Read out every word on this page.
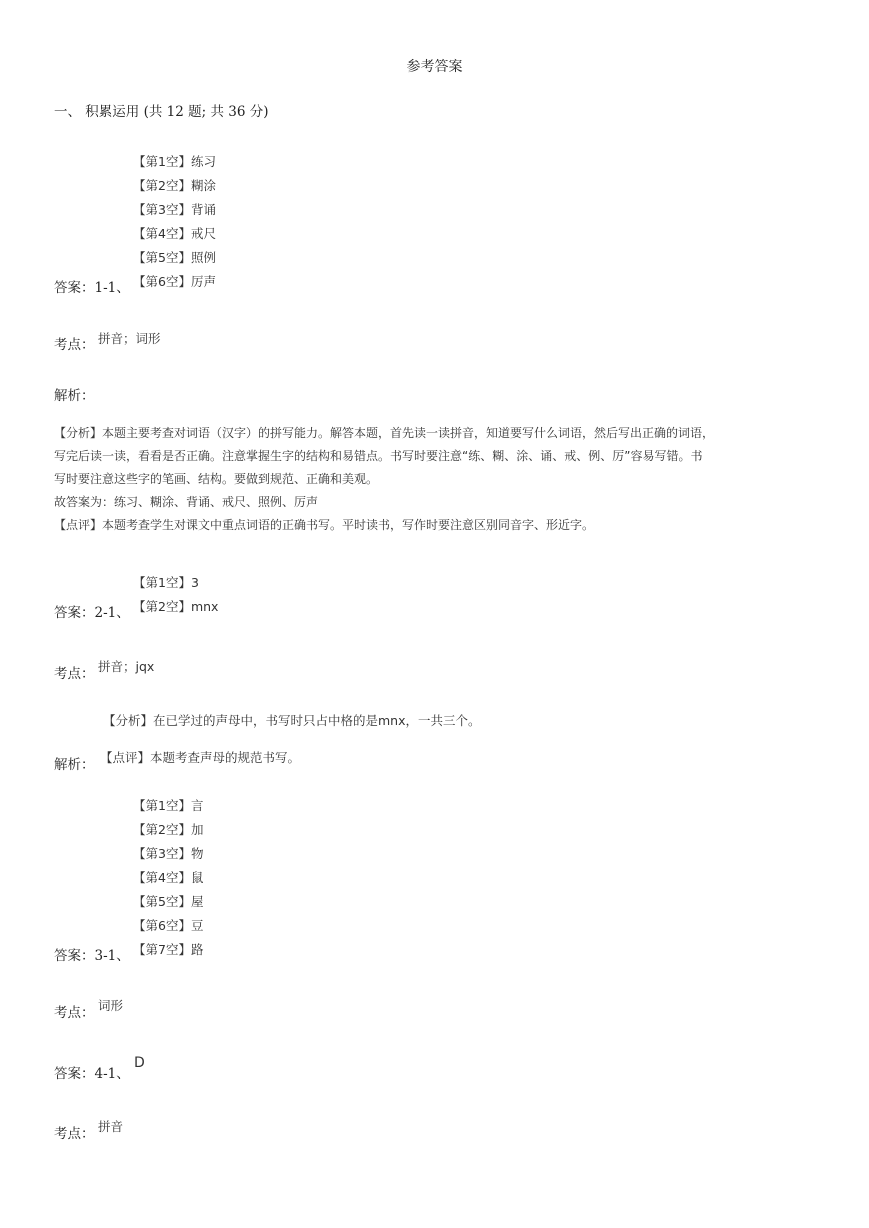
参考答案
一、 积累运用 (共 12 题; 共 36 分)
【第1空】练习
【第2空】糊涂
【第3空】背诵
【第4空】戒尺
【第5空】照例
【第6空】厉声
答案：1-1、
考点： 拼音；词形
解析：
【分析】本题主要考查对词语（汉字）的拼写能力。解答本题，首先读一读拼音，知道要写什么词语，然后写出正确的词语，
写完后读一读，看看是否正确。注意掌握生字的结构和易错点。书写时要注意“练、糊、涂、诵、戒、例、厉”容易写错。书
写时要注意这些字的笔画、结构。要做到规范、正确和美观。
故答案为：练习、糊涂、背诵、戒尺、照例、厉声
【点评】本题考查学生对课文中重点词语的正确书写。平时读书，写作时要注意区别同音字、形近字。
【第1空】3
【第2空】mnx
答案：2-1、
考点： 拼音；jqx
【分析】在已学过的声母中，书写时只占中格的是mnx，一共三个。
解析： 【点评】本题考查声母的规范书写。
【第1空】言
【第2空】加
【第3空】物
【第4空】鼠
【第5空】屋
【第6空】豆
【第7空】路
答案：3-1、
考点： 词形
答案：4-1、
D
考点： 拼音
